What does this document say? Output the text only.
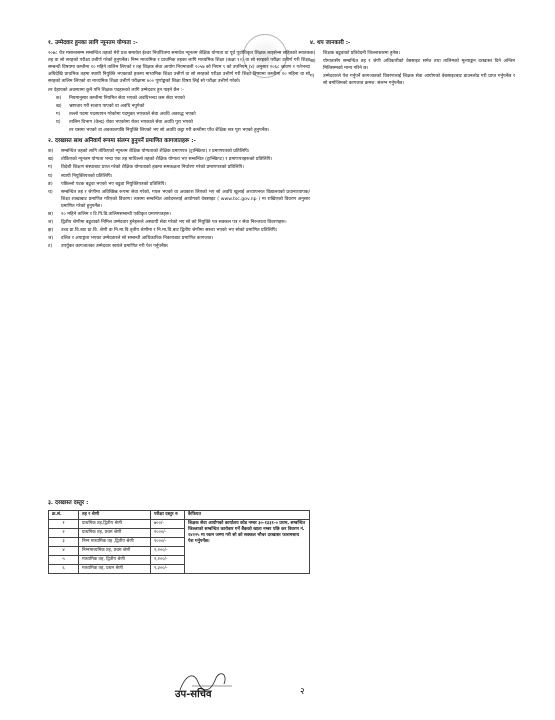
१. उम्मेदवार हुनका लागि न्यूनतम योग्यता :-
२०७८ चैत्र मसान्तसम्म सम्बन्धित तहको मेरौ प्रश्न समावेश ईश्वर निर्धारितमा समावेश न्यूनतम शैक्षिक योग्यता वा पूर्व पूर्वाधिकृत शिक्षक लाइसेन्स सहितको स्नातक तह वा सो सरहको परीक्षा उत्तीर्ण गरेको हुनुपर्नेछ। निम्न माध्यमिक र प्राथमिक तहका लागि माध्यमिक शिक्षा (कक्षा १२) वा सो सरहको परीक्षा उत्तीर्ण गरी शिक्षा सम्बन्धी विषयमा कम्तीमा १० महिने तालिम लिएको र तह शिक्षक सेवा आयोग नियमावली २०५७ को नियम ९ को उपनियम (४) अनुसार २०६८ श्रावण १ गतेभन्दा अघिदेखि प्राथमिक तहमा स्थायी नियुक्ति भएकाको हकमा माध्यमिक शिक्षा उत्तीर्ण वा सो सरहको परीक्षा उत्तीर्ण गरी शिक्षा विषयमा कम्तीमा १० महिना वा सो सरहको तालिम लिएको वा माध्यमिक शिक्षा उत्तीर्ण परीक्षामा ४०० पूर्णाङ्कको शिक्षा विषय लिई सो परीक्षा उत्तीर्ण गरेको।
तर देहायको अवस्थामा कुनै पनि शिक्षक पदहरूको लागि उम्मेदवार हुन पाइने छैन :-
क)	नियमानुसार कम्तीमा नियमित सेवा भएको अवधिभन्दा कम सेवा भएको
ख)	भ्रष्टाचार गरी सजाय पाएको वा अवधि नपुगेको
ग)	तल्लो पदमा पदस्थापन गरेकोमा पदमुक्त भएकाले सेवा अवधि अवरुद्ध भएको
घ)	तालिम विभाग (केन्द्र) रोका भएकोमा रोका भएकाले सेवा अवधि पूरा भएको
तर यसमा भएको वा अवकाशपछि नियुक्ति लिएको भए सो अवधि कट्टा गरी कम्तीमा पाँच शैक्षिक सत्र पूरा भएको हुनुपर्नेछ।
२. दरखास्त साथ अनिवार्य रूपमा संलग्न हुनुपर्ने प्रमाणित कागजातहरू :-
क)	सम्बन्धित तहको लागि तोकिएको न्यूनतम शैक्षिक योग्यताको शैक्षिक प्रमाणपत्र (ट्रान्स्क्रिप्ट) र प्रमाणपत्रको प्रतिलिपि।
ख)	तोकिएको न्यूनतम योग्यता भन्दा एक तह माथिल्लो तहको शैक्षिक योग्यता भए सम्बन्धित (ट्रान्स्क्रिप्ट) र प्रमाणपत्रहरूको प्रतिलिपि।
ग)	विदेशी शिक्षण संस्थाबाट प्राप्त गरेको शैक्षिक योग्यताको हकमा समकक्षता निर्धारण गरेको प्रमाणपत्रको प्रतिलिपि।
घ)	स्थायी नियुक्तिपत्रको प्रतिलिपि।
ङ)	पछिल्लो पटक बढुवा भएको भए बढुवा नियुक्तिपत्रको प्रतिलिपि।
च)	सम्बन्धित तह र श्रेणीमा अविच्छिन्न रूपमा सेवा गरेको, गयल भएको वा अवकाश लिएको भए सो अवधि खुलाई अध्यापनरत विद्यालयको प्रधानाध्यापक/शिक्षा शाखाबाट प्रमाणित गरिएको विवरण। त्यसमा सम्बन्धित आवेदनलाई आयोगको वेबसाइट ( www.tsc.gov.np ) मा राखिएको विवरण अनुसार प्रमाणित गरेको हुनुपर्नेछ।
छ)	१० महिने तालिम र टि.पि.डि.तालिमसम्बन्धी एकीकृत प्रमाणपत्रहरू।
ज)	द्वितीय श्रेणीमा बढुवाको निमित्त उम्मेदवार हुनेहरूले अस्थायी सेवा गरेको भए सो को नियुक्ति पत्र सक्कल पत्र र सेवा निरन्तरता विवरणहरू।
झ)	उच्च प्रा.वि.बाट प्रा.वि. श्रेणी वा नि.मा.वि.तृतीय श्रेणीमा र नि.मा.वि.बाट द्वितीय श्रेणीमा सरुवा भएको भए सोको प्रमाणित प्रतिलिपि।
ञ)	दलित र अपाङ्गता भएका उम्मेदवारले सो सम्बन्धी आधिकारिक निकायबाट प्रमाणित कागजात।
ट)	उपर्युक्त कागजातका उम्मेदवार स्वयंले प्रमाणित गरी पेश गर्नुपर्नेछ।
३. दरखास्त दस्तुर :
क्र.सं.	तह र श्रेणी	परीक्षा दस्तुर रु	कैफियत
१	प्राथमिक तह,द्वितीय श्रेणी	७००/-	शिक्षक सेवा आयोगको कार्यालय कोड नम्बर ३०-१३३१-० प्रथम, सम्बन्धित जिल्लाको सम्बन्धित कारोबार गर्ने बैंकको खाता नम्बर पछि कर विवरण नं. १४२२५ मा रकम जम्मा गरी सो को सक्कल भौचर दरखास्त फारामसाथ पेश गर्नुपर्नेछ।
२	प्राथमिक तह, प्रथम श्रेणी	१०००/-	
३	निम्न माध्यमिक तह ,द्वितीय श्रेणी	१०००/-	
४	निम्नमाध्यमिक तह, प्रथम श्रेणी	१,२००/-	
५	माध्यमिक तह, द्वितीय श्रेणी	१,२००/-	
६	माध्यमिक तह, प्रथम श्रेणी	१,३००/-	
४. थप जानकारी :-
क)	शिक्षक बढुवाको प्रतिवेदनी जिल्लास्तरमा हुनेछ।
ख)	योग्यतासँग सम्बन्धित तह र श्रेणी अधिकारीको वेबसाइट समेत तथा तालिमको मूल्याङ्कन दरखास्त दिने अन्तिम मितिसम्मको मान्य गरिने छ।
ग)	उम्मेदवारले पेश गर्नुपर्ने कागजातको विवरणलाई शिक्षक सेवा आयोगको वेबसाइटबाट डाउनलोड गरी प्राप्त गर्नुपर्नेछ र सो बमोजिमको कागजात क्रमश: संलग्न गर्नुपर्नेछ।
उप-सचिव	२
